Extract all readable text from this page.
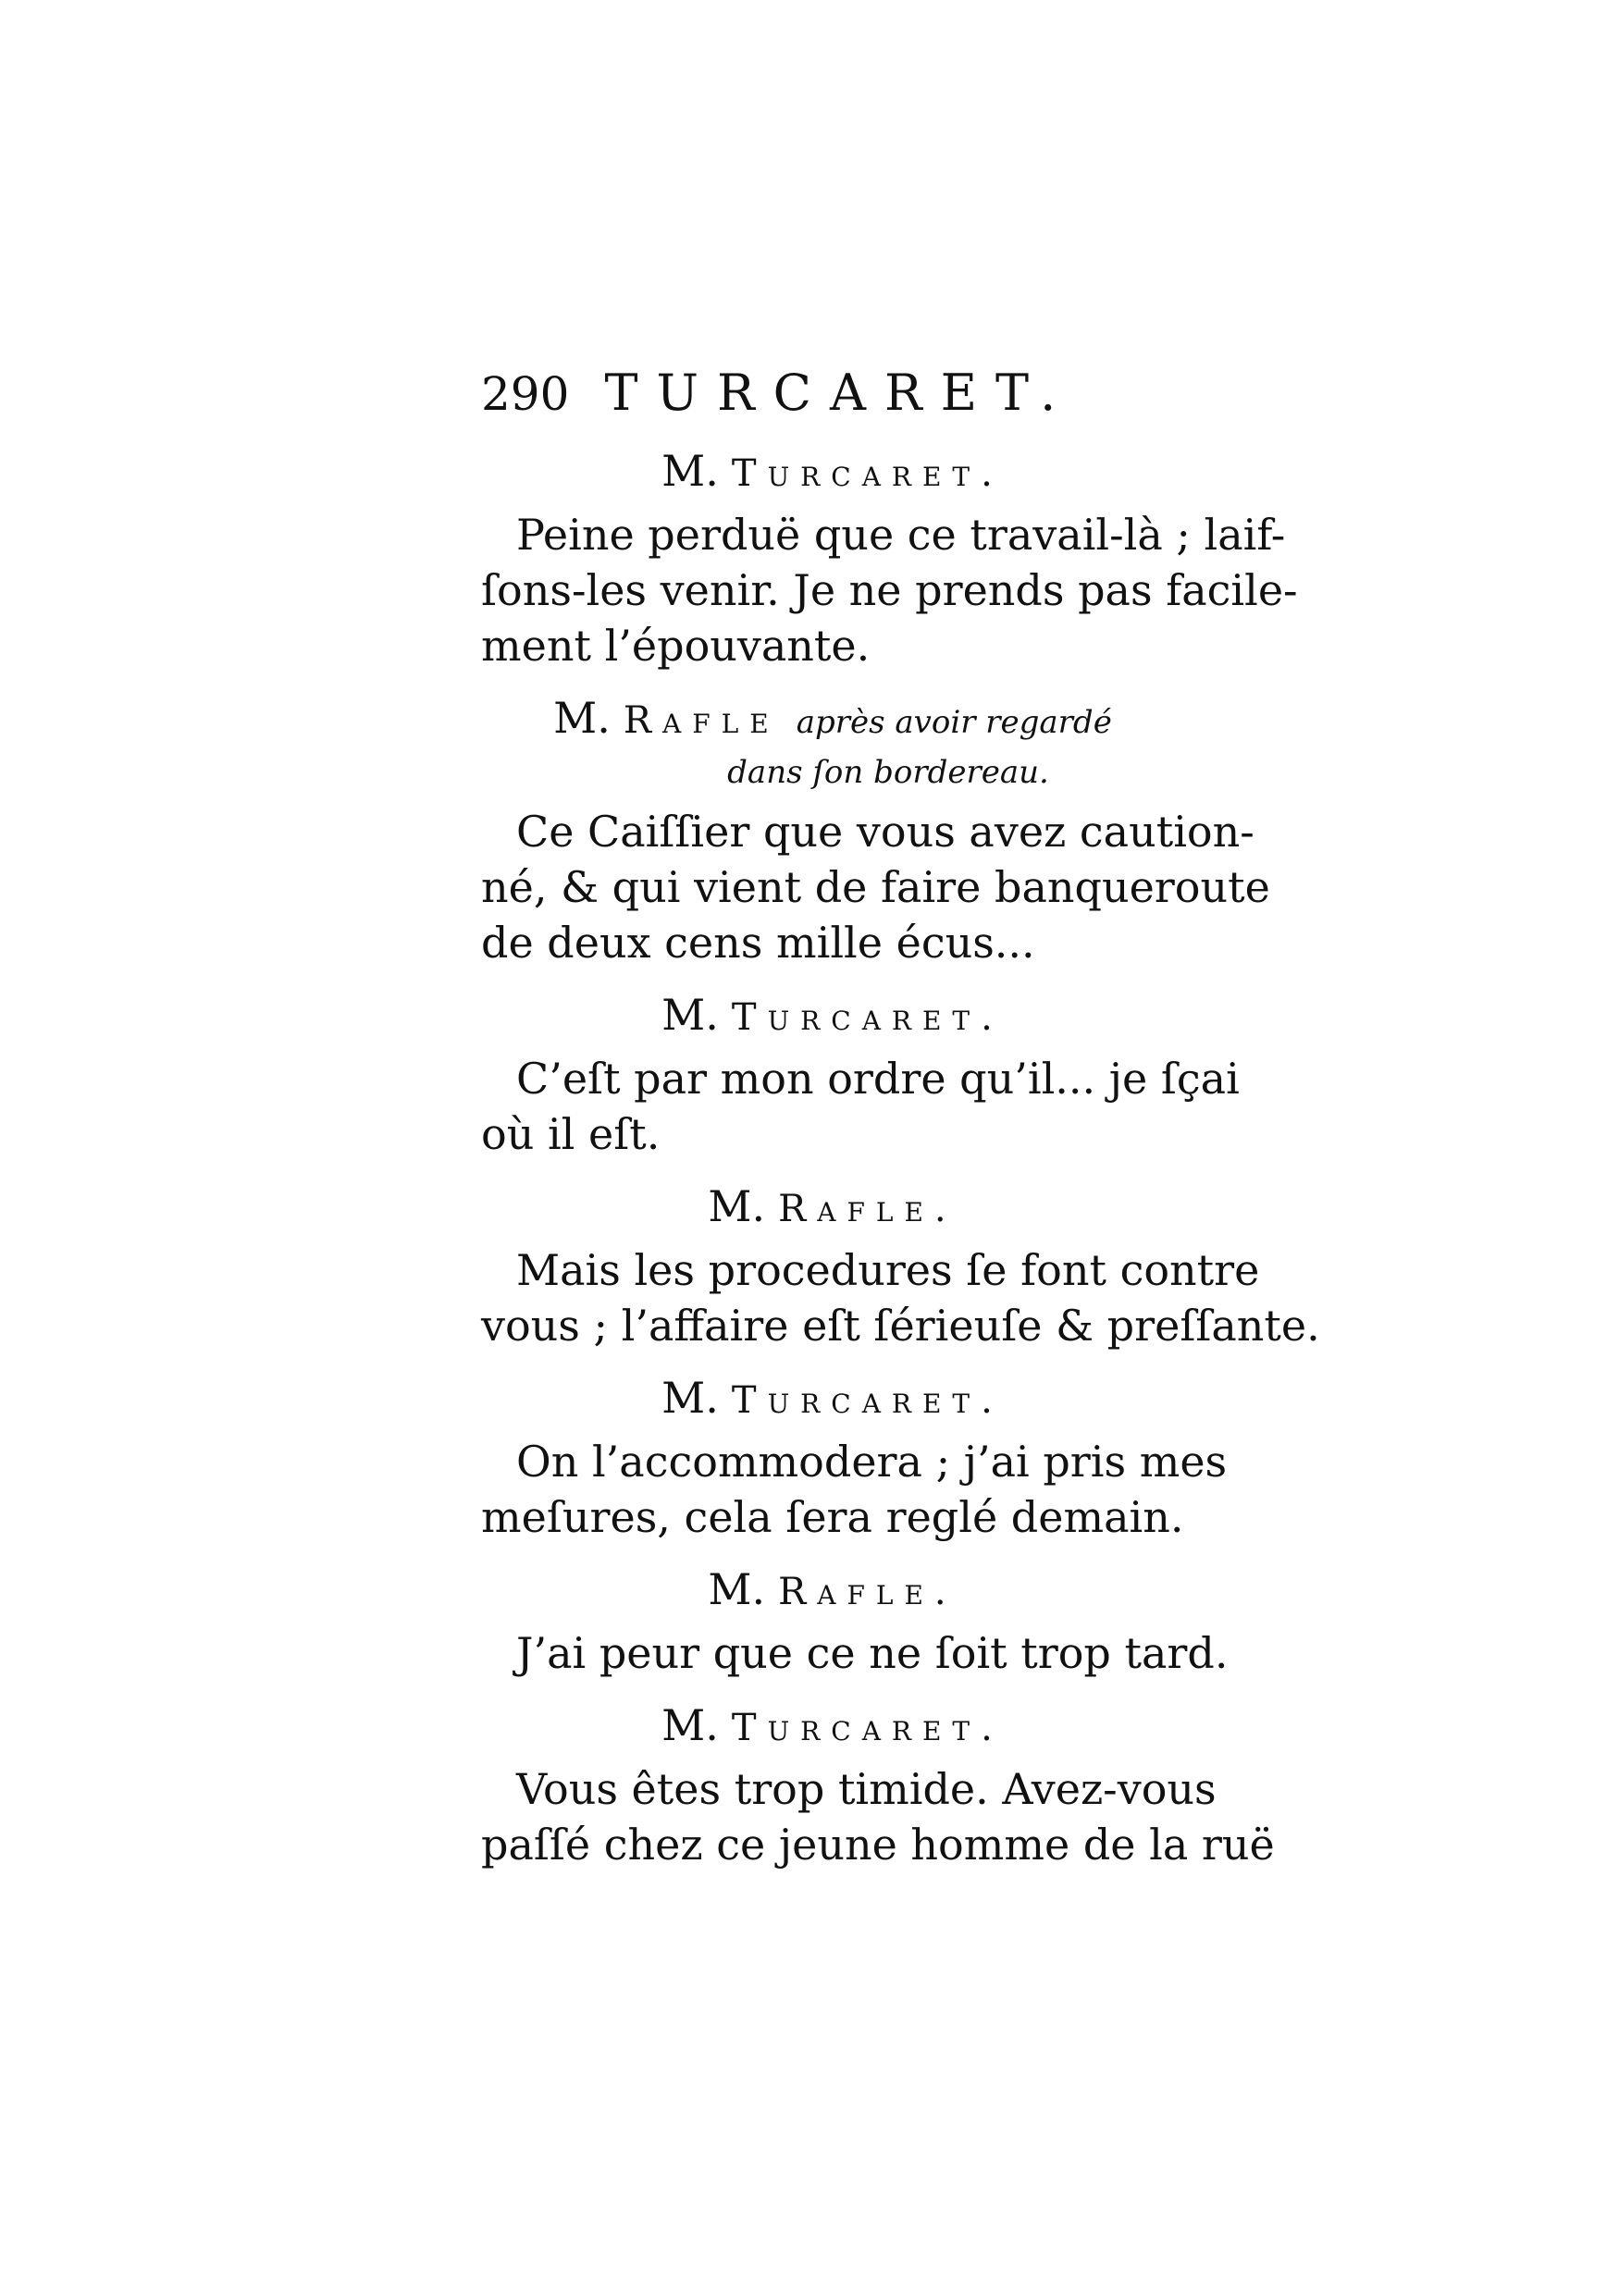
290 TURCARET.
M. Turcaret.

Peine perduë que ce travail-là ; laif-
ſons-les venir. Je ne prends pas facile-
ment l’épouvante.

M. Rafle après avoir regardé
dans ſon bordereau.

Ce Caiſſier que vous avez caution-
né, & qui vient de faire banqueroute
de deux cens mille écus...

M. Turcaret.

C’eſt par mon ordre qu’il... je ſçai
où il eſt.

M. Rafle.

Mais les procedures ſe font contre
vous ; l’affaire eſt ſérieuſe & preſſante.

M. Turcaret.

On l’accommodera ; j’ai pris mes
meſures, cela ſera reglé demain.

M. Rafle.

J’ai peur que ce ne ſoit trop tard.

M. Turcaret.

Vous êtes trop timide. Avez-vous
paſſé chez ce jeune homme de la ruë
